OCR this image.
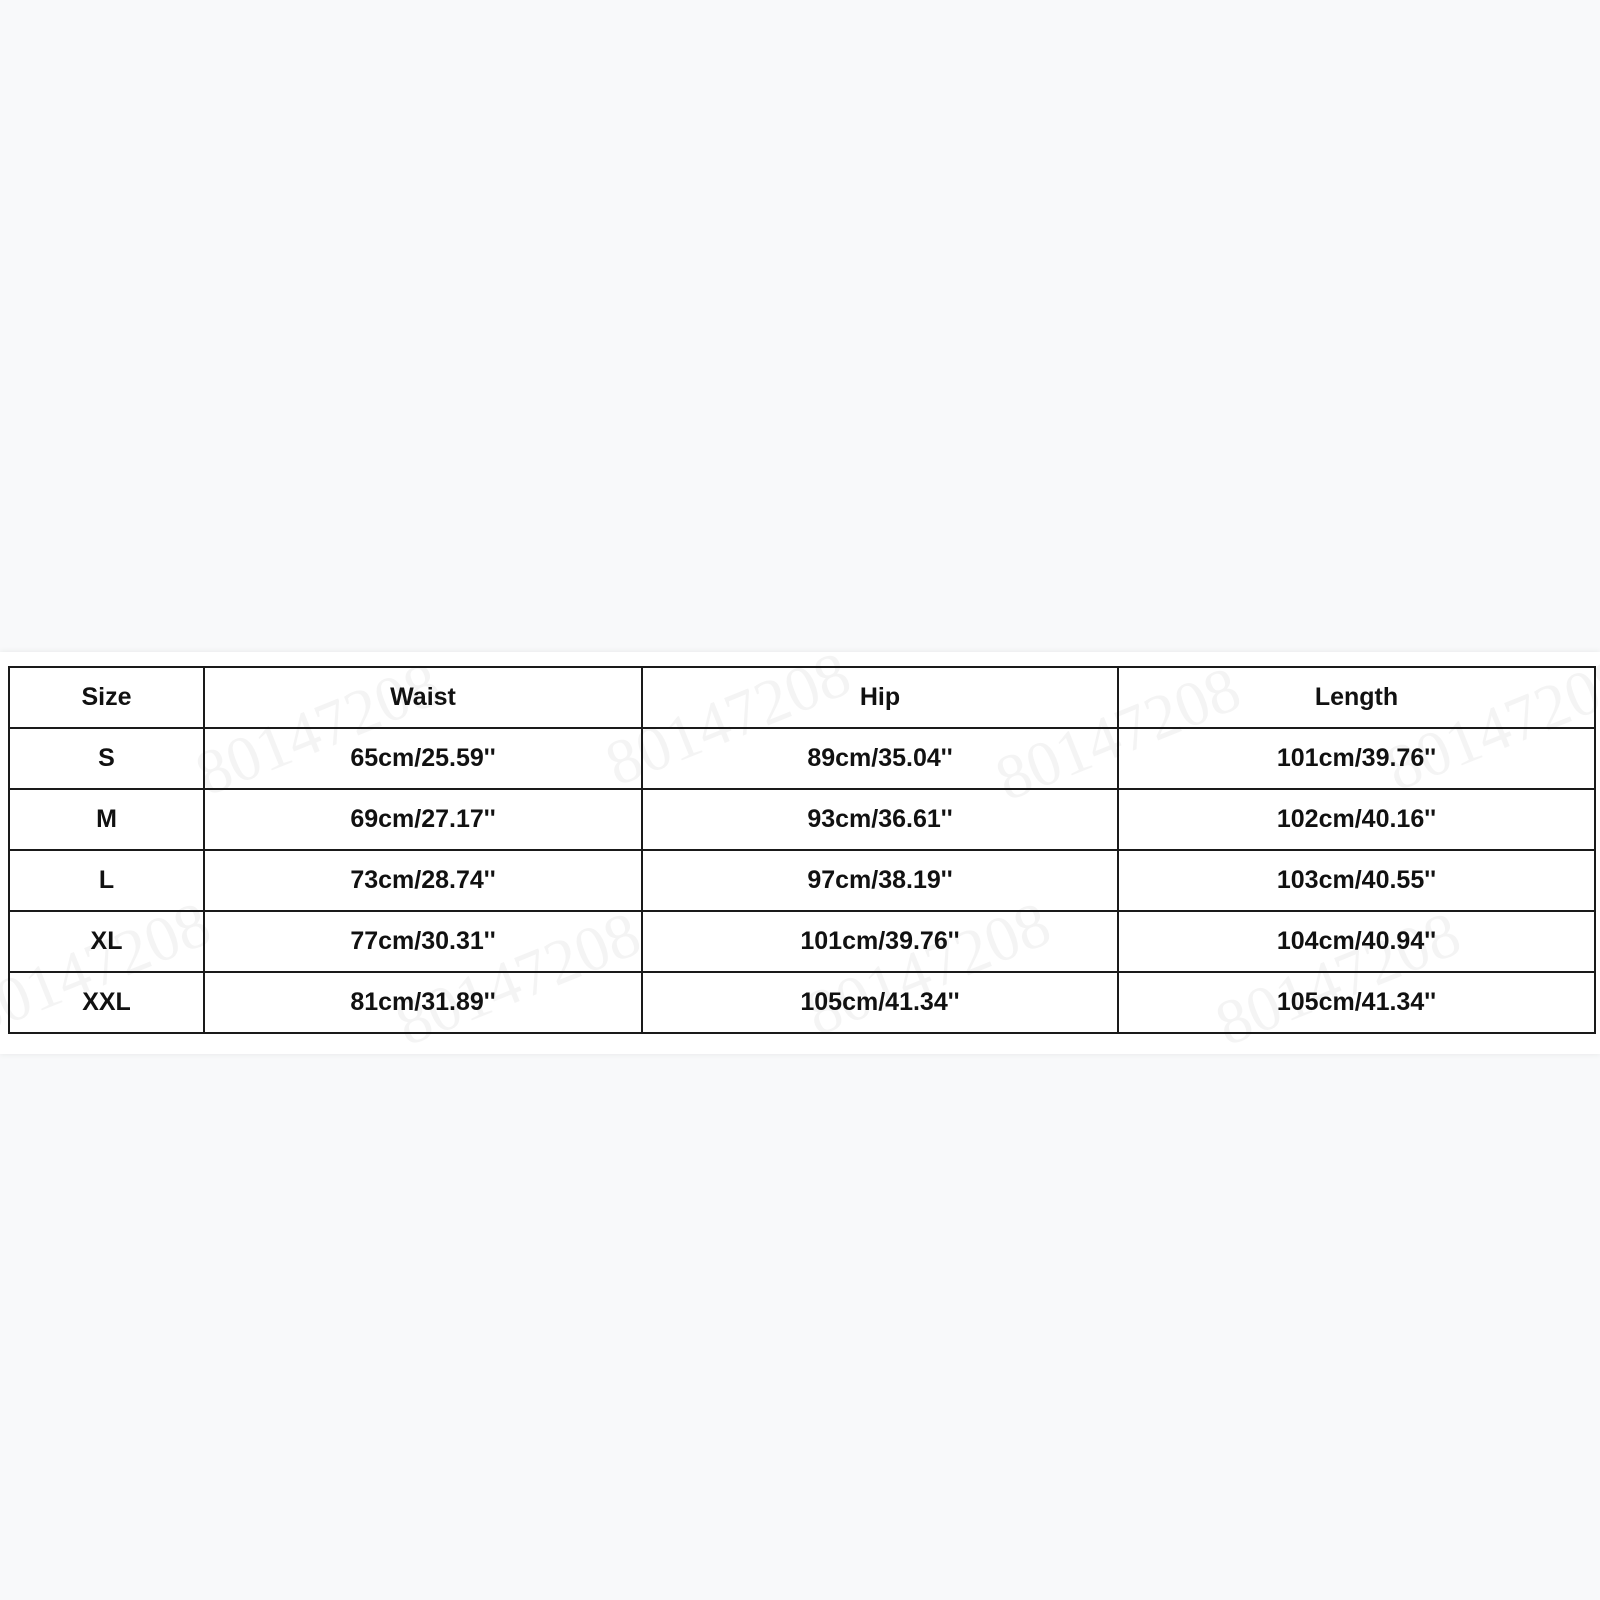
Size	Waist	Hip	Length
S	65cm/25.59''	89cm/35.04''	101cm/39.76''
M	69cm/27.17''	93cm/36.61''	102cm/40.16''
L	73cm/28.74''	97cm/38.19''	103cm/40.55''
XL	77cm/30.31''	101cm/39.76''	104cm/40.94''
XXL	81cm/31.89''	105cm/41.34''	105cm/41.34''
